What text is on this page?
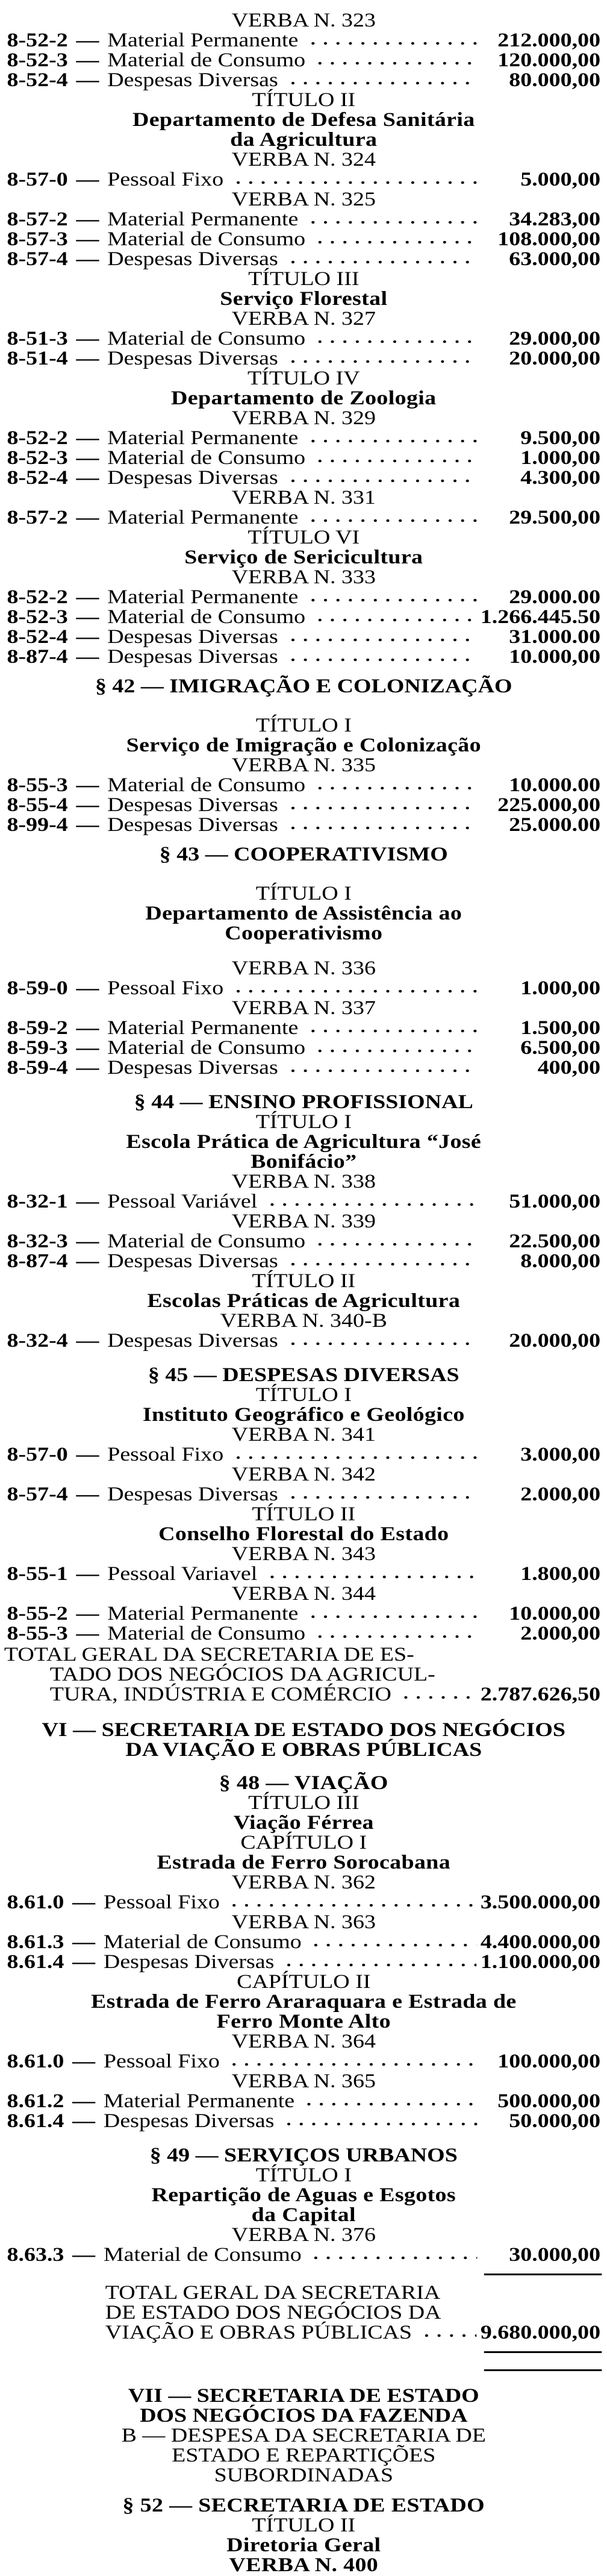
VERBA N. 323
8-52-2 — Material Permanente	212.000,00
8-52-3 — Material de Consumo	120.000,00
8-52-4 — Despesas Diversas	80.000,00
TÍTULO II
Departamento de Defesa Sanitária
da Agricultura
VERBA N. 324
8-57-0 — Pessoal Fixo	5.000,00
VERBA N. 325
8-57-2 — Material Permanente	34.283,00
8-57-3 — Material de Consumo	108.000,00
8-57-4 — Despesas Diversas	63.000,00
TÍTULO III
Serviço Florestal
VERBA N. 327
8-51-3 — Material de Consumo	29.000,00
8-51-4 — Despesas Diversas	20.000,00
TÍTULO IV
Departamento de Zoologia
VERBA N. 329
8-52-2 — Material Permanente	9.500,00
8-52-3 — Material de Consumo	1.000,00
8-52-4 — Despesas Diversas	4.300,00
VERBA N. 331
8-57-2 — Material Permanente	29.500,00
TÍTULO VI
Serviço de Sericicultura
VERBA N. 333
8-52-2 — Material Permanente	29.000.00
8-52-3 — Material de Consumo	1.266.445.50
8-52-4 — Despesas Diversas	31.000.00
8-87-4 — Despesas Diversas	10.000,00
§ 42 — IMIGRAÇÃO E COLONIZAÇÃO
TÍTULO I
Serviço de Imigração e Colonização
VERBA N. 335
8-55-3 — Material de Consumo	10.000.00
8-55-4 — Despesas Diversas	225.000,00
8-99-4 — Despesas Diversas	25.000.00
§ 43 — COOPERATIVISMO
TÍTULO I
Departamento de Assistência ao
Cooperativismo
VERBA N. 336
8-59-0 — Pessoal Fixo	1.000,00
VERBA N. 337
8-59-2 — Material Permanente	1.500,00
8-59-3 — Material de Consumo	6.500,00
8-59-4 — Despesas Diversas	400,00
§ 44 — ENSINO PROFISSIONAL
TÍTULO I
Escola Prática de Agricultura “José
Bonifácio”
VERBA N. 338
8-32-1 — Pessoal Variável	51.000,00
VERBA N. 339
8-32-3 — Material de Consumo	22.500,00
8-87-4 — Despesas Diversas	8.000,00
TÍTULO II
Escolas Práticas de Agricultura
VERBA N. 340-B
8-32-4 — Despesas Diversas	20.000,00
§ 45 — DESPESAS DIVERSAS
TÍTULO I
Instituto Geográfico e Geológico
VERBA N. 341
8-57-0 — Pessoal Fixo	3.000,00
VERBA N. 342
8-57-4 — Despesas Diversas	2.000,00
TÍTULO II
Conselho Florestal do Estado
VERBA N. 343
8-55-1 — Pessoal Variavel	1.800,00
VERBA N. 344
8-55-2 — Material Permanente	10.000,00
8-55-3 — Material de Consumo	2.000,00
TOTAL GERAL DA SECRETARIA DE ES-
TADO DOS NEGÓCIOS DA AGRICUL-
TURA, INDÚSTRIA E COMÉRCIO	2.787.626,50
VI — SECRETARIA DE ESTADO DOS NEGÓCIOS
DA VIAÇÃO E OBRAS PÚBLICAS
§ 48 — VIAÇÃO
TÍTULO III
Viação Férrea
CAPÍTULO I
Estrada de Ferro Sorocabana
VERBA N. 362
8.61.0 — Pessoal Fixo	3.500.000,00
VERBA N. 363
8.61.3 — Material de Consumo	4.400.000,00
8.61.4 — Despesas Diversas	1.100.000,00
CAPÍTULO II
Estrada de Ferro Araraquara e Estrada de
Ferro Monte Alto
VERBA N. 364
8.61.0 — Pessoal Fixo	100.000,00
VERBA N. 365
8.61.2 — Material Permanente	500.000,00
8.61.4 — Despesas Diversas	50.000,00
§ 49 — SERVIÇOS URBANOS
TÍTULO I
Repartição de Aguas e Esgotos
da Capital
VERBA N. 376
8.63.3 — Material de Consumo	30.000,00
TOTAL GERAL DA SECRETARIA
DE ESTADO DOS NEGÓCIOS DA
VIAÇÃO E OBRAS PÚBLICAS	9.680.000,00
VII — SECRETARIA DE ESTADO
DOS NEGÓCIOS DA FAZENDA
B — DESPESA DA SECRETARIA DE
ESTADO E REPARTIÇÕES
SUBORDINADAS
§ 52 — SECRETARIA DE ESTADO
TÍTULO II
Diretoria Geral
VERBA N. 400
